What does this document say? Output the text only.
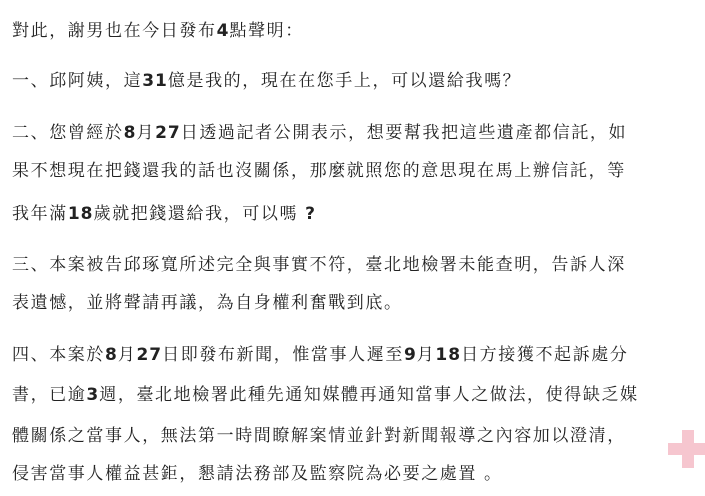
對此，謝男也在今日發布4點聲明：
一、邱阿姨，這31億是我的，現在在您手上，可以還給我嗎？
二、您曾經於8月27日透過記者公開表示，想要幫我把這些遺產都信託，如
果不想現在把錢還我的話也沒關係，那麼就照您的意思現在馬上辦信託，等
我年滿18歲就把錢還給我，可以嗎 ?
三、本案被告邱琢寬所述完全與事實不符，臺北地檢署未能查明，告訴人深
表遺憾，並將聲請再議，為自身權利奮戰到底。
四、本案於8月27日即發布新聞，惟當事人遲至9月18日方接獲不起訴處分
書，已逾3週，臺北地檢署此種先通知媒體再通知當事人之做法，使得缺乏媒
體關係之當事人，無法第一時間瞭解案情並針對新聞報導之內容加以澄清，
侵害當事人權益甚鉅，懇請法務部及監察院為必要之處置 。
